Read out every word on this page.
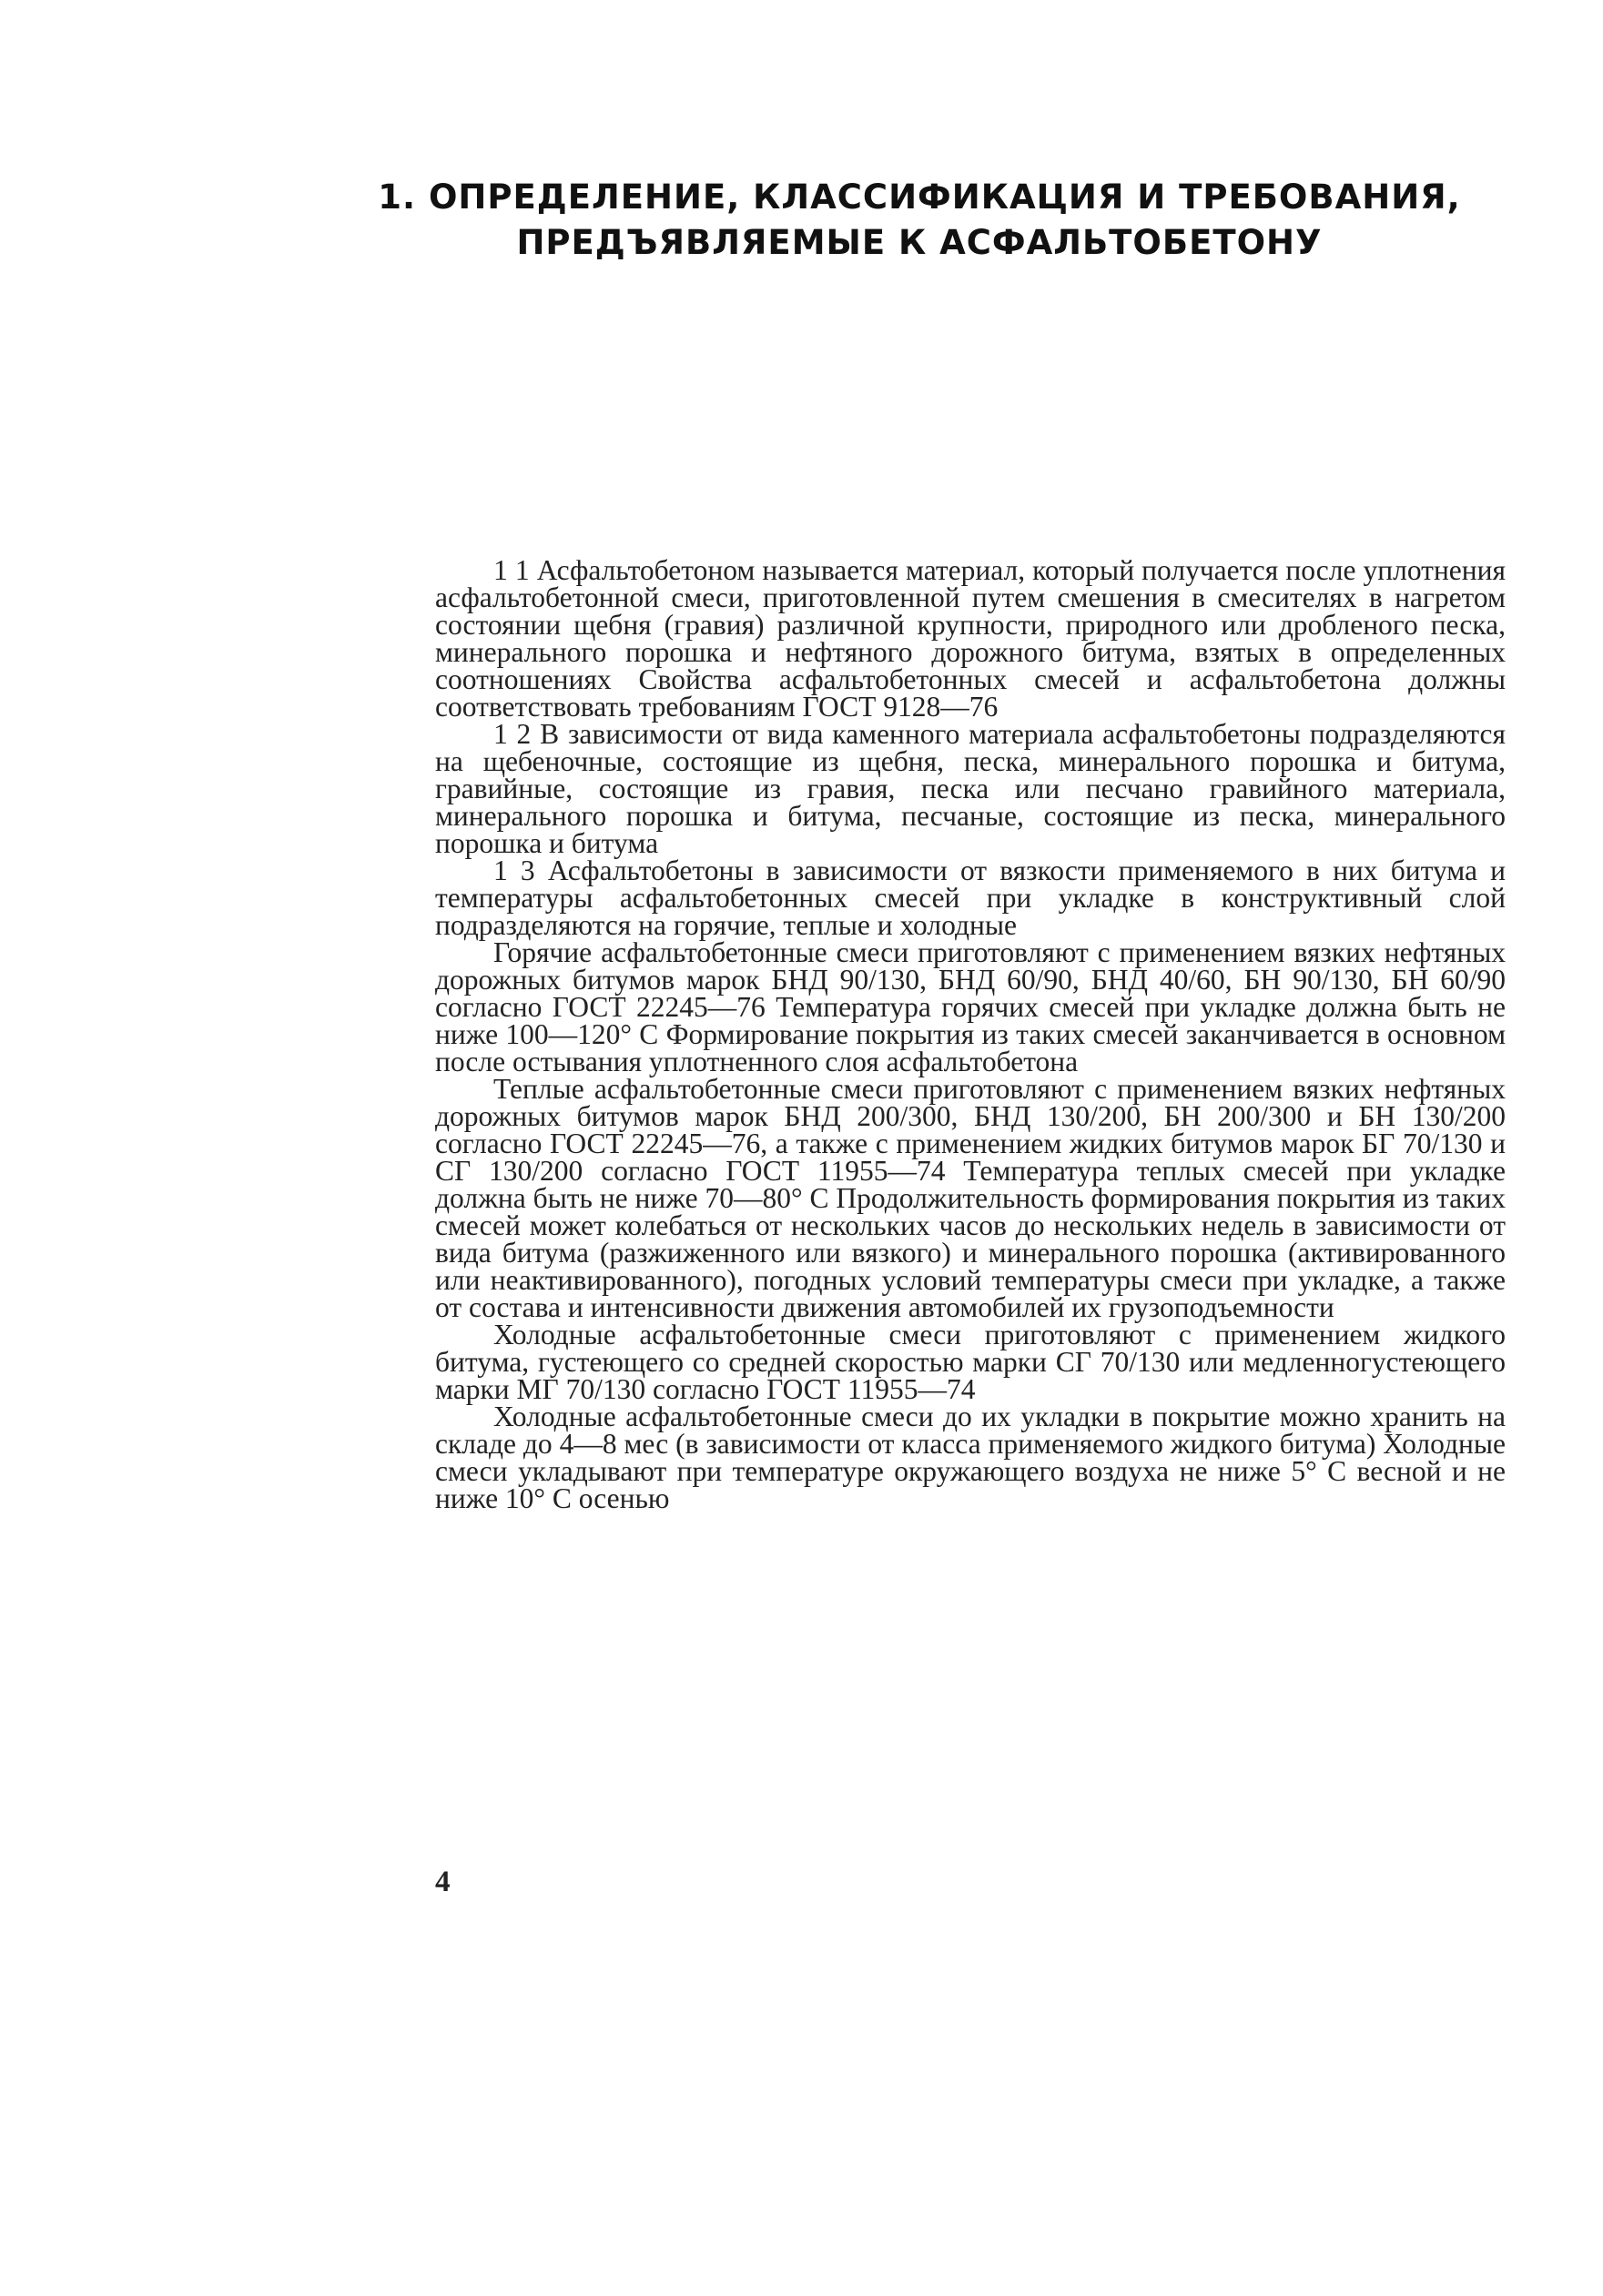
1. ОПРЕДЕЛЕНИЕ, КЛАССИФИКАЦИЯ И ТРЕБОВАНИЯ,
ПРЕДЪЯВЛЯЕМЫЕ К АСФАЛЬТОБЕТОНУ

1 1 Асфальтобетоном называется материал, который получается после уплотнения асфальтобетонной смеси, приготовленной путем смешения в смесителях в нагретом состоянии щебня (гравия) различной крупности, природного или дробленого песка, минерального порошка и нефтяного дорожного битума, взятых в определенных соотношениях Свойства асфальтобетонных смесей и асфальтобетона должны соответствовать требованиям ГОСТ 9128—76

1 2 В зависимости от вида каменного материала асфальтобетоны подразделяются на щебеночные, состоящие из щебня, песка, минерального порошка и битума, гравийные, состоящие из гравия, песка или песчано гравийного материала, минерального порошка и битума, песчаные, состоящие из песка, минерального порошка и битума

1 3 Асфальтобетоны в зависимости от вязкости применяемого в них битума и температуры асфальтобетонных смесей при укладке в конструктивный слой подразделяются на горячие, теплые и холодные

Горячие асфальтобетонные смеси приготовляют с применением вязких нефтяных дорожных битумов марок БНД 90/130, БНД 60/90, БНД 40/60, БН 90/130, БН 60/90 согласно ГОСТ 22245—76 Температура горячих смесей при укладке должна быть не ниже 100—120° С Формирование покрытия из таких смесей заканчивается в основном после остывания уплотненного слоя асфальтобетона

Теплые асфальтобетонные смеси приготовляют с применением вязких нефтяных дорожных битумов марок БНД 200/300, БНД 130/200, БН 200/300 и БН 130/200 согласно ГОСТ 22245—76, а также с применением жидких битумов марок БГ 70/130 и СГ 130/200 согласно ГОСТ 11955—74 Температура теплых смесей при укладке должна быть не ниже 70—80° С Продолжительность формирования покрытия из таких смесей может колебаться от нескольких часов до нескольких недель в зависимости от вида битума (разжиженного или вязкого) и минерального порошка (активированного или неактивированного), погодных условий температуры смеси при укладке, а также от состава и интенсивности движения автомобилей их грузоподъемности

Холодные асфальтобетонные смеси приготовляют с применением жидкого битума, густеющего со средней скоростью марки СГ 70/130 или медленногустеющего марки МГ 70/130 согласно ГОСТ 11955—74

Холодные асфальтобетонные смеси до их укладки в покрытие можно хранить на складе до 4—8 мес (в зависимости от класса применяемого жидкого битума) Холодные смеси укладывают при температуре окружающего воздуха не ниже 5° С весной и не ниже 10° С осенью

4
